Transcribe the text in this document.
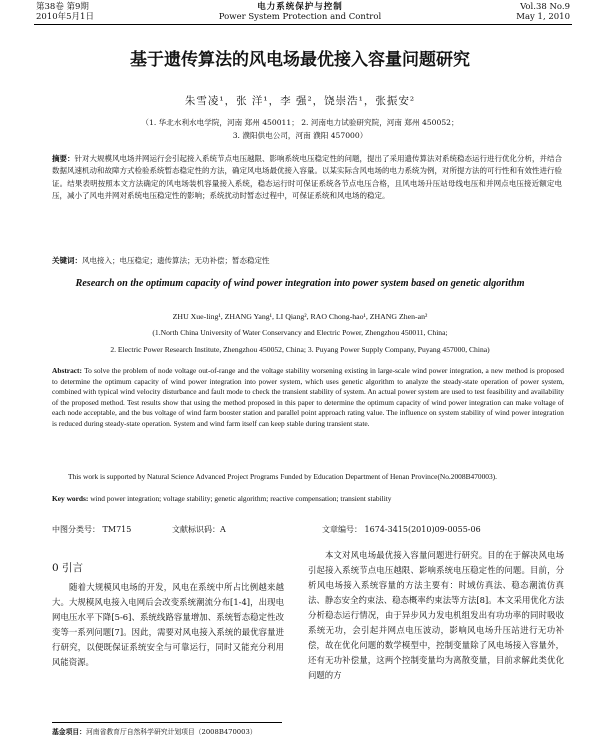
第38卷 第9期
2010年5月1日
电力系统保护与控制
Power System Protection and Control
Vol.38 No.9
May 1, 2010
基于遗传算法的风电场最优接入容量问题研究
朱雪凌¹，张 洋¹，李 强²，饶崇浩¹，张振安²
（1. 华北水利水电学院，河南 郑州 450011； 2. 河南电力试验研究院，河南 郑州 450052；
3. 濮阳供电公司，河南 濮阳 457000）
摘要：针对大规模风电场并网运行会引起接入系统节点电压越限、影响系统电压稳定性的问题，提出了采用遗传算法对系统稳态运行进行优化分析，并结合数据风速机动和故障方式检验系统暂态稳定性的方法，确定风电场最优接入容量。以某实际含风电场的电力系统为例，对所提方法的可行性和有效性进行验证。结果表明按照本文方法确定的风电场装机容量接入系统，稳态运行时可保证系统各节点电压合格，且风电场升压站母线电压和并网点电压接近额定电压，减小了风电并网对系统电压稳定性的影响；系统扰动时暂态过程中，可保证系统和风电场的稳定。
关键词：风电接入；电压稳定；遗传算法；无功补偿；暂态稳定性
Research on the optimum capacity of wind power integration into power system based on genetic algorithm
ZHU Xue-ling¹, ZHANG Yang¹, LI Qiang², RAO Chong-hao¹, ZHANG Zhen-an²
(1.North China University of Water Conservancy and Electric Power, Zhengzhou 450011, China;
2. Electric Power Research Institute, Zhengzhou 450052, China; 3. Puyang Power Supply Company, Puyang 457000, China)
Abstract: To solve the problem of node voltage out-of-range and the voltage stability worsening existing in large-scale wind power integration, a new method is proposed to determine the optimum capacity of wind power integration into power system, which uses genetic algorithm to analyze the steady-state operation of power system, combined with typical wind velocity disturbance and fault mode to check the transient stability of system. An actual power system are used to test feasibility and availability of the proposed method. Test results show that using the method proposed in this paper to determine the optimum capacity of wind power integration can make voltage of each node acceptable, and the bus voltage of wind farm booster station and parallel point approach rating value. The influence on system stability of wind power integration is reduced during steady-state operation. System and wind farm itself can keep stable during transient state.
This work is supported by Natural Science Advanced Project Programs Funded by Education Department of Henan Province(No.2008B470003).
Key words: wind power integration; voltage stability; genetic algorithm; reactive compensation; transient stability
中图分类号： TM715	文献标识码：A	文章编号： 1674-3415(2010)09-0055-06
0 引言
随着大规模风电场的开发，风电在系统中所占比例越来越大。大规模风电接入电网后会改变系统潮流分布[1-4]，出现电网电压水平下降[5-6]、系统线路容量增加、系统暂态稳定性改变等一系列问题[7]。因此，需要对风电接入系统的最优容量进行研究，以便既保证系统安全与可靠运行，同时又能充分利用风能资源。
本文对风电场最优接入容量问题进行研究。目的在于解决风电场引起接入系统节点电压越限、影响系统电压稳定性的问题。目前，分析风电场接入系统容量的方法主要有：时域仿真法、稳态潮流仿真法、静态安全约束法、稳态概率约束法等方法[8]。本文采用优化方法分析稳态运行情况，由于异步风力发电机组发出有功功率的同时吸收系统无功，会引起并网点电压波动，影响风电场升压站进行无功补偿，故在优化问题的数学模型中，控制变量除了风电场接入容量外，还有无功补偿量，这两个控制变量均为离散变量，目前求解此类优化问题的方
基金项目：河南省教育厅自然科学研究计划项目（2008B470003）
